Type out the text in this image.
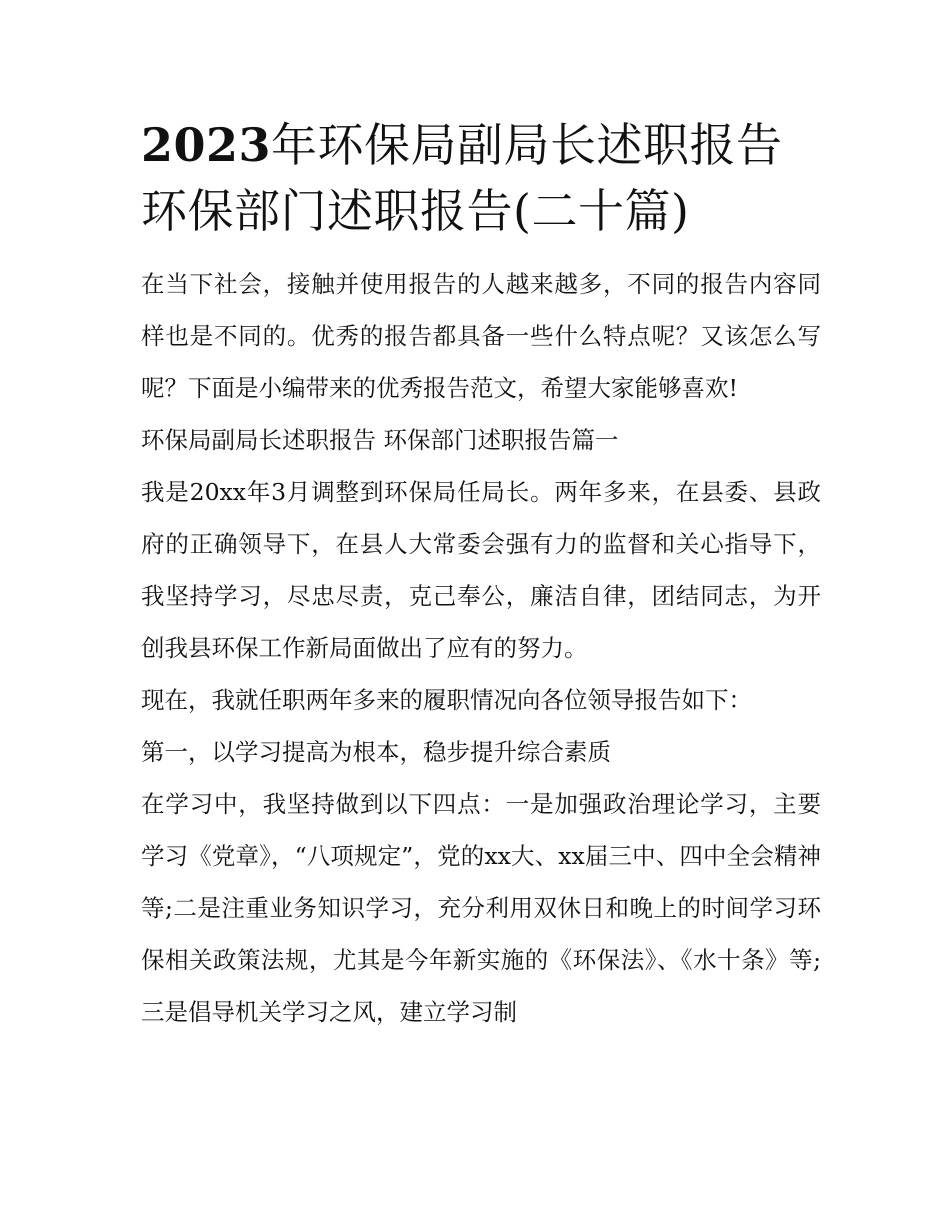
2023年环保局副局长述职报告
环保部门述职报告(二十篇)

在当下社会，接触并使用报告的人越来越多，不同的报告内容同样也是不同的。优秀的报告都具备一些什么特点呢？又该怎么写呢？下面是小编带来的优秀报告范文，希望大家能够喜欢!

环保局副局长述职报告 环保部门述职报告篇一

我是20xx年3月调整到环保局任局长。两年多来，在县委、县政府的正确领导下，在县人大常委会强有力的监督和关心指导下，我坚持学习，尽忠尽责，克己奉公，廉洁自律，团结同志，为开创我县环保工作新局面做出了应有的努力。

现在，我就任职两年多来的履职情况向各位领导报告如下：

第一，以学习提高为根本，稳步提升综合素质

在学习中，我坚持做到以下四点：一是加强政治理论学习，主要学习《党章》，“八项规定”，党的xx大、xx届三中、四中全会精神等;二是注重业务知识学习，充分利用双休日和晚上的时间学习环保相关政策法规，尤其是今年新实施的《环保法》、《水十条》等;三是倡导机关学习之风，建立学习制
